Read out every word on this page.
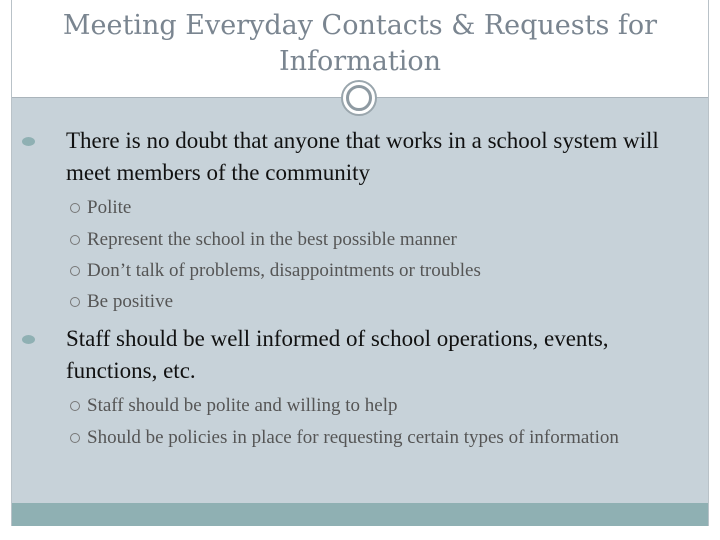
Meeting Everyday Contacts & Requests for Information
There is no doubt that anyone that works in a school system will meet members of the community
Polite
Represent the school in the best possible manner
Don’t talk of problems, disappointments or troubles
Be positive
Staff should be well informed of school operations, events, functions, etc.
Staff should be polite and willing to help
Should be policies in place for requesting certain types of information
